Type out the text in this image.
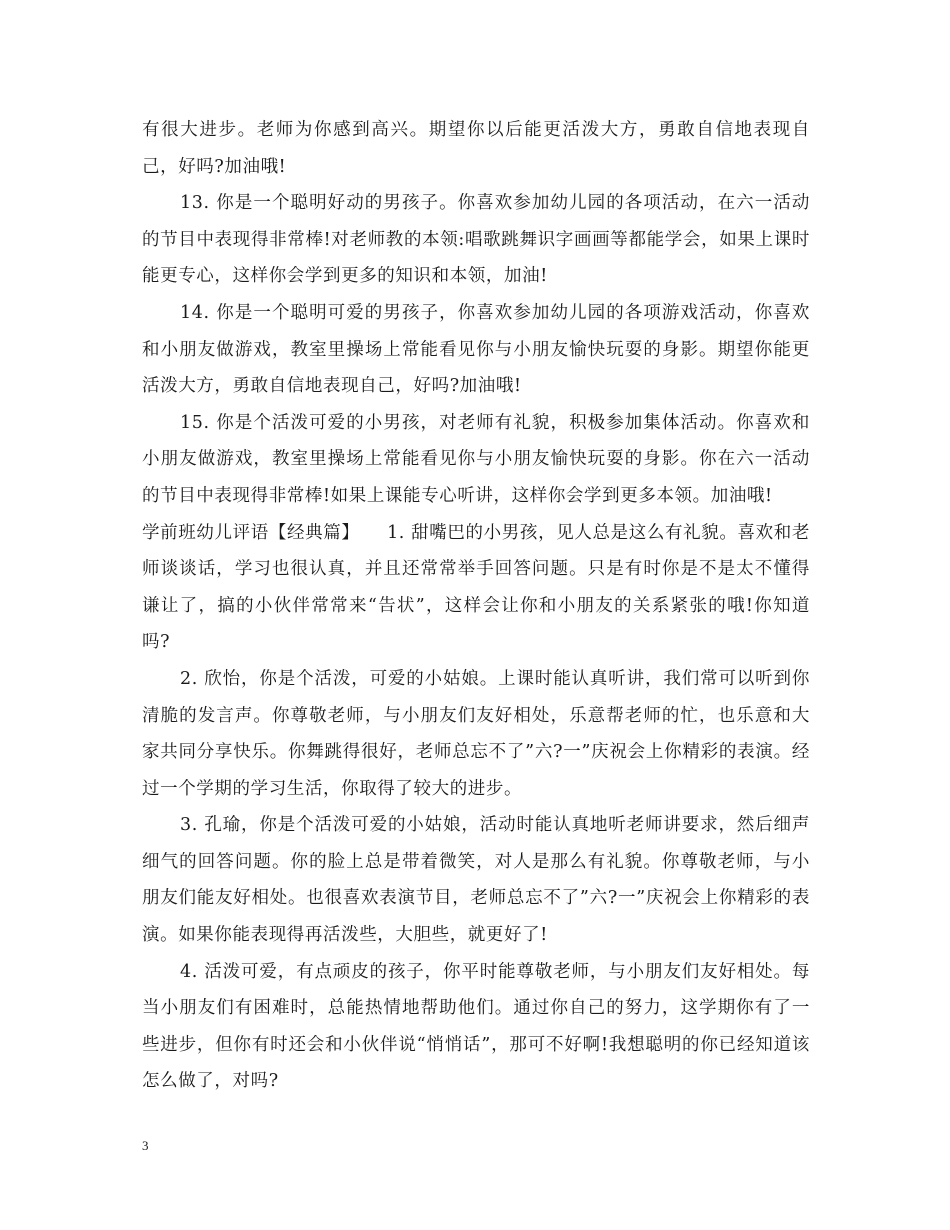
有很大进步。老师为你感到高兴。期望你以后能更活泼大方，勇敢自信地表现自己，好吗?加油哦!

13. 你是一个聪明好动的男孩子。你喜欢参加幼儿园的各项活动，在六一活动的节目中表现得非常棒!对老师教的本领:唱歌跳舞识字画画等都能学会，如果上课时能更专心，这样你会学到更多的知识和本领，加油!

14. 你是一个聪明可爱的男孩子，你喜欢参加幼儿园的各项游戏活动，你喜欢和小朋友做游戏，教室里操场上常能看见你与小朋友愉快玩耍的身影。期望你能更活泼大方，勇敢自信地表现自己，好吗?加油哦!

15. 你是个活泼可爱的小男孩，对老师有礼貌，积极参加集体活动。你喜欢和小朋友做游戏，教室里操场上常能看见你与小朋友愉快玩耍的身影。你在六一活动的节目中表现得非常棒!如果上课能专心听讲，这样你会学到更多本领。加油哦!

学前班幼儿评语【经典篇】　　1. 甜嘴巴的小男孩，见人总是这么有礼貌。喜欢和老师谈谈话，学习也很认真，并且还常常举手回答问题。只是有时你是不是太不懂得谦让了，搞的小伙伴常常来“告状”，这样会让你和小朋友的关系紧张的哦!你知道吗?

2. 欣怡，你是个活泼，可爱的小姑娘。上课时能认真听讲，我们常可以听到你清脆的发言声。你尊敬老师，与小朋友们友好相处，乐意帮老师的忙，也乐意和大家共同分享快乐。你舞跳得很好，老师总忘不了”六?一”庆祝会上你精彩的表演。经过一个学期的学习生活，你取得了较大的进步。

3. 孔瑜，你是个活泼可爱的小姑娘，活动时能认真地听老师讲要求，然后细声细气的回答问题。你的脸上总是带着微笑，对人是那么有礼貌。你尊敬老师，与小朋友们能友好相处。也很喜欢表演节目，老师总忘不了”六?一”庆祝会上你精彩的表演。如果你能表现得再活泼些，大胆些，就更好了!

4. 活泼可爱，有点顽皮的孩子，你平时能尊敬老师，与小朋友们友好相处。每当小朋友们有困难时，总能热情地帮助他们。通过你自己的努力，这学期你有了一些进步，但你有时还会和小伙伴说“悄悄话”，那可不好啊!我想聪明的你已经知道该怎么做了，对吗?

3
